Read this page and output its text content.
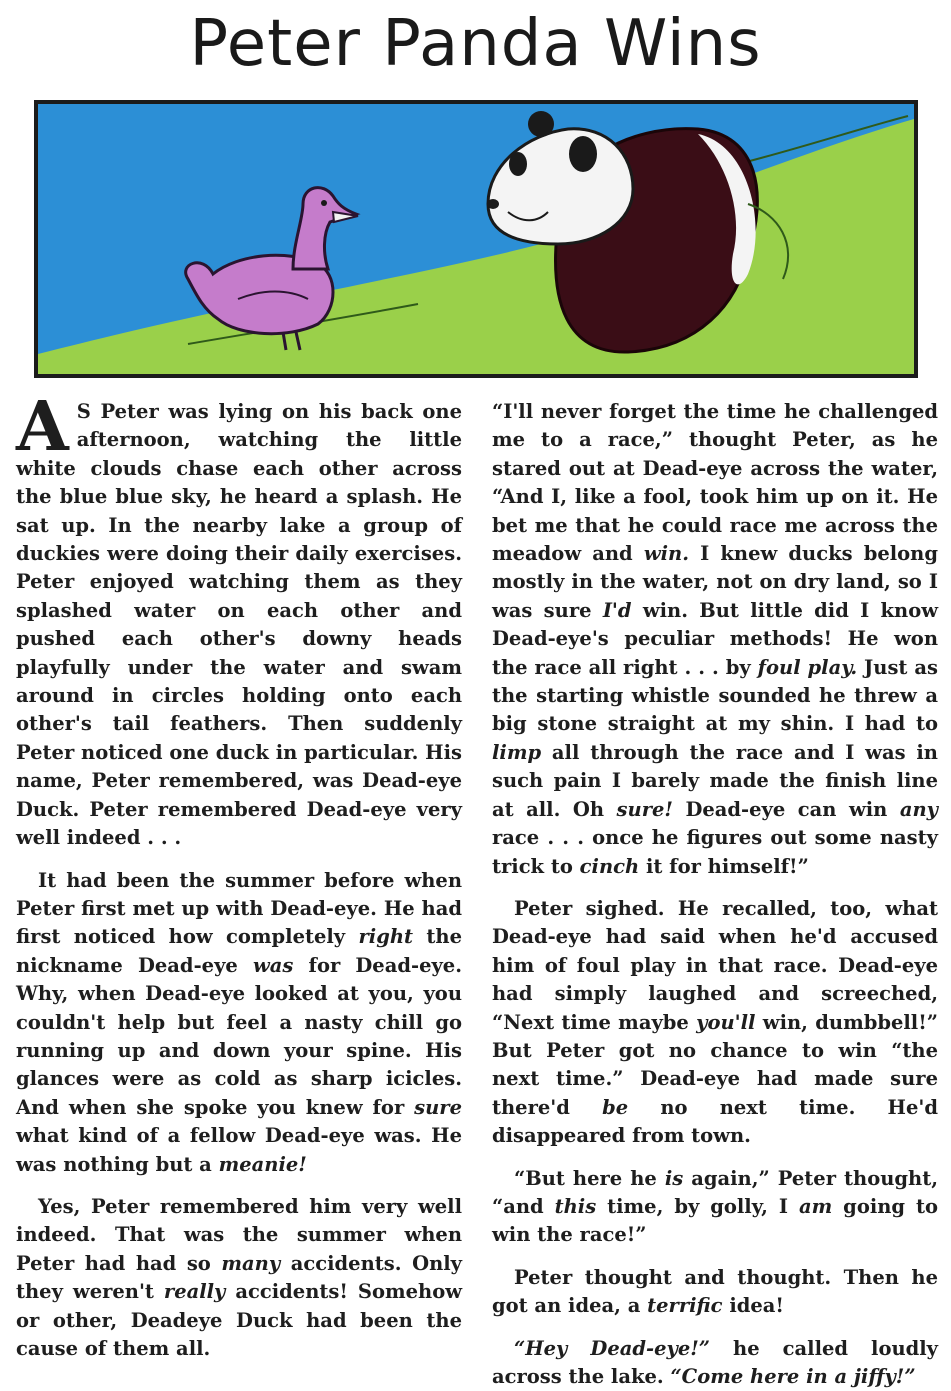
Peter Panda Wins

A S Peter was lying on his back one afternoon, watching the little white clouds chase each other across the blue blue sky, he heard a splash. He sat up. In the nearby lake a group of duckies were doing their daily exercises. Peter enjoyed watching them as they splashed water on each other and pushed each other's downy heads playfully under the water and swam around in circles holding onto each other's tail feathers. Then suddenly Peter noticed one duck in particular. His name, Peter remembered, was Dead-eye Duck. Peter remembered Dead-eye very well indeed . . .

It had been the summer before when Peter first met up with Dead-eye. He had first noticed how completely right the nickname Dead-eye was for Dead-eye. Why, when Dead-eye looked at you, you couldn't help but feel a nasty chill go running up and down your spine. His glances were as cold as sharp icicles. And when she spoke you knew for sure what kind of a fellow Dead-eye was. He was nothing but a meanie!

Yes, Peter remembered him very well indeed. That was the summer when Peter had had so many accidents. Only they weren't really accidents! Somehow or other, Deadeye Duck had been the cause of them all.

“I'll never forget the time he challenged me to a race,” thought Peter, as he stared out at Dead-eye across the water, “And I, like a fool, took him up on it. He bet me that he could race me across the meadow and win. I knew ducks belong mostly in the water, not on dry land, so I was sure I'd win. But little did I know Dead-eye's peculiar methods! He won the race all right . . . by foul play. Just as the starting whistle sounded he threw a big stone straight at my shin. I had to limp all through the race and I was in such pain I barely made the finish line at all. Oh sure! Dead-eye can win any race . . . once he figures out some nasty trick to cinch it for himself!”

Peter sighed. He recalled, too, what Dead-eye had said when he'd accused him of foul play in that race. Dead-eye had simply laughed and screeched, “Next time maybe you'll win, dumbbell!” But Peter got no chance to win “the next time.” Dead-eye had made sure there'd be no next time. He'd disappeared from town.

“But here he is again,” Peter thought, “and this time, by golly, I am going to win the race!”

Peter thought and thought. Then he got an idea, a terrific idea!

“Hey Dead-eye!” he called loudly across the lake. “Come here in a jiffy!”
